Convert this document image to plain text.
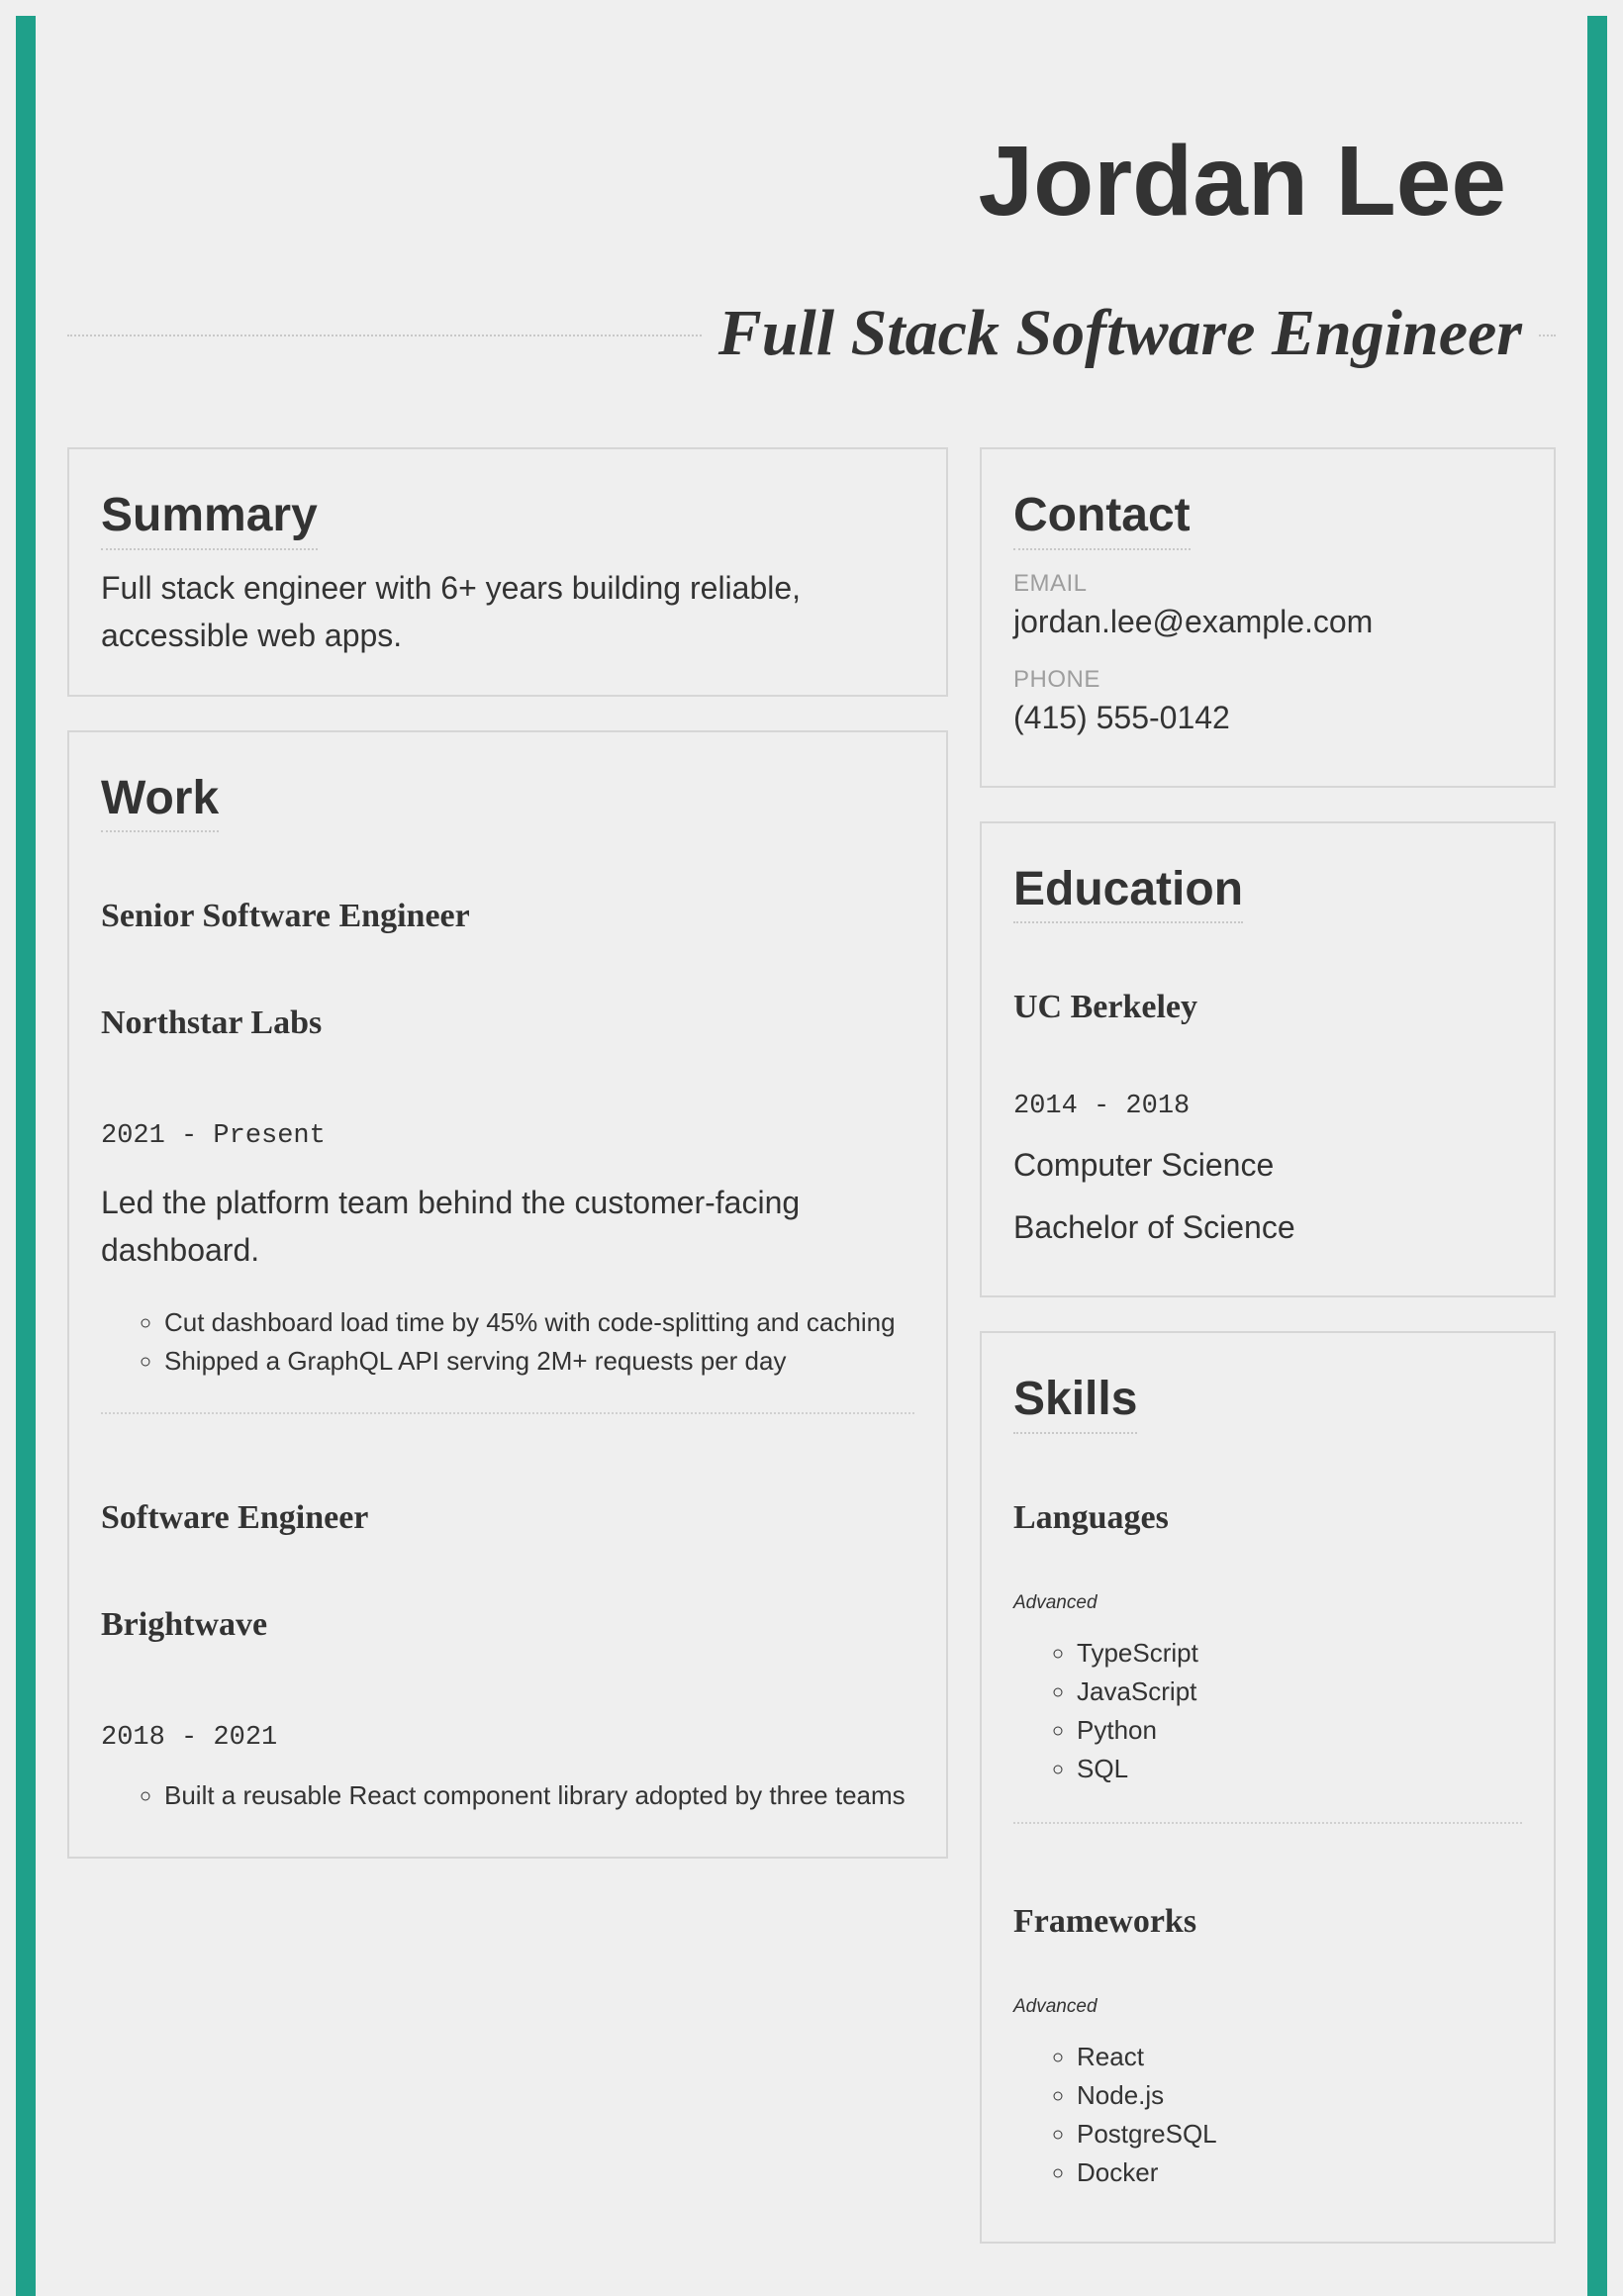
Jordan Lee
Full Stack Software Engineer
Summary

Full stack engineer with 6+ years building reliable, accessible web apps.

Work

Senior Software Engineer

Northstar Labs

2021 - Present

Led the platform team behind the customer-facing dashboard.

◦ Cut dashboard load time by 45% with code-splitting and caching
◦ Shipped a GraphQL API serving 2M+ requests per day

Software Engineer

Brightwave

2018 - 2021

◦ Built a reusable React component library adopted by three teams
Contact

EMAIL

jordan.lee@example.com

PHONE

(415) 555-0142

Education

UC Berkeley

2014 - 2018

Computer Science

Bachelor of Science

Skills

Languages

Advanced

◦ TypeScript
◦ JavaScript
◦ Python
◦ SQL

Frameworks

Advanced

◦ React
◦ Node.js
◦ PostgreSQL
◦ Docker
